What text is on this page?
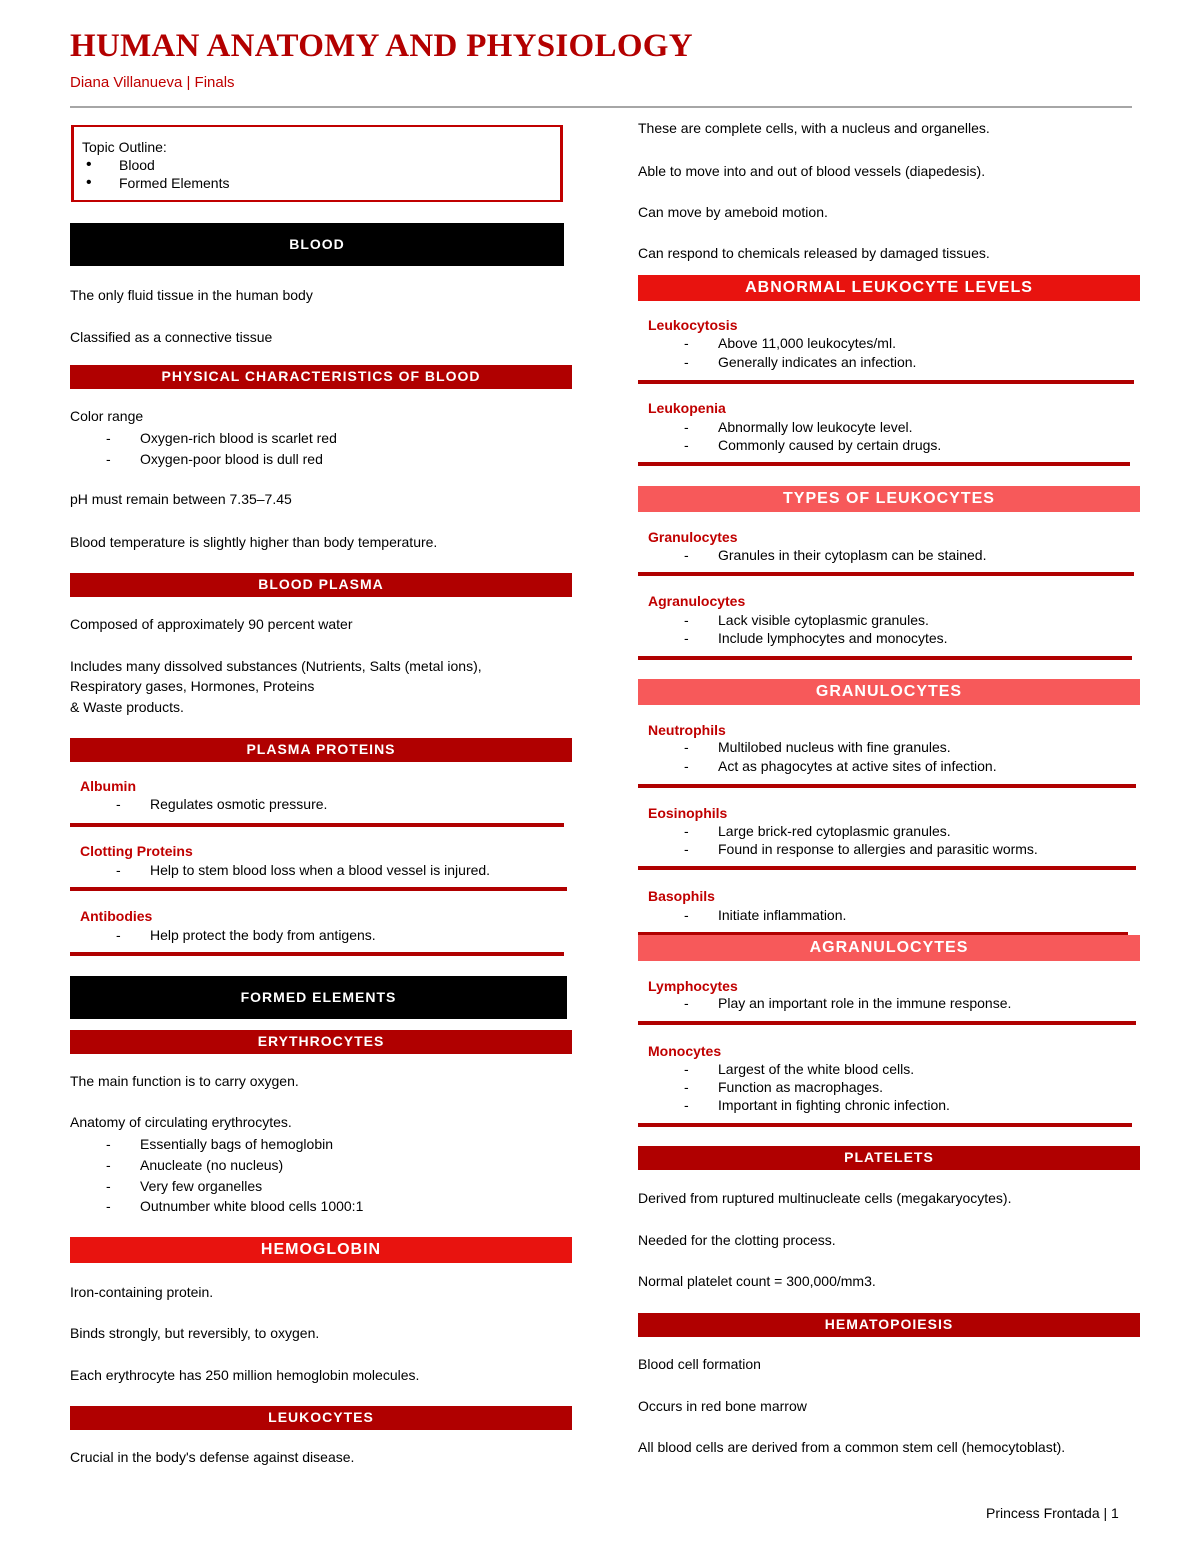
HUMAN ANATOMY AND PHYSIOLOGY
Diana Villanueva | Finals
Topic Outline:
• Blood
• Formed Elements
BLOOD
The only fluid tissue in the human body
Classified as a connective tissue
PHYSICAL CHARACTERISTICS OF BLOOD
Color range
- Oxygen-rich blood is scarlet red
- Oxygen-poor blood is dull red
pH must remain between 7.35–7.45
Blood temperature is slightly higher than body temperature.
BLOOD PLASMA
Composed of approximately 90 percent water
Includes many dissolved substances (Nutrients, Salts (metal ions),
Respiratory gases, Hormones, Proteins
& Waste products.
PLASMA PROTEINS
Albumin
- Regulates osmotic pressure.
Clotting Proteins
- Help to stem blood loss when a blood vessel is injured.
Antibodies
- Help protect the body from antigens.
FORMED ELEMENTS
ERYTHROCYTES
The main function is to carry oxygen.
Anatomy of circulating erythrocytes.
- Essentially bags of hemoglobin
- Anucleate (no nucleus)
- Very few organelles
- Outnumber white blood cells 1000:1
HEMOGLOBIN
Iron-containing protein.
Binds strongly, but reversibly, to oxygen.
Each erythrocyte has 250 million hemoglobin molecules.
LEUKOCYTES
Crucial in the body's defense against disease.
These are complete cells, with a nucleus and organelles.
Able to move into and out of blood vessels (diapedesis).
Can move by ameboid motion.
Can respond to chemicals released by damaged tissues.
ABNORMAL LEUKOCYTE LEVELS
Leukocytosis
- Above 11,000 leukocytes/ml.
- Generally indicates an infection.
Leukopenia
- Abnormally low leukocyte level.
- Commonly caused by certain drugs.
TYPES OF LEUKOCYTES
Granulocytes
- Granules in their cytoplasm can be stained.
Agranulocytes
- Lack visible cytoplasmic granules.
- Include lymphocytes and monocytes.
GRANULOCYTES
Neutrophils
- Multilobed nucleus with fine granules.
- Act as phagocytes at active sites of infection.
Eosinophils
- Large brick-red cytoplasmic granules.
- Found in response to allergies and parasitic worms.
Basophils
- Initiate inflammation.
AGRANULOCYTES
Lymphocytes
- Play an important role in the immune response.
Monocytes
- Largest of the white blood cells.
- Function as macrophages.
- Important in fighting chronic infection.
PLATELETS
Derived from ruptured multinucleate cells (megakaryocytes).
Needed for the clotting process.
Normal platelet count = 300,000/mm3.
HEMATOPOIESIS
Blood cell formation
Occurs in red bone marrow
All blood cells are derived from a common stem cell (hemocytoblast).
Princess Frontada | 1
